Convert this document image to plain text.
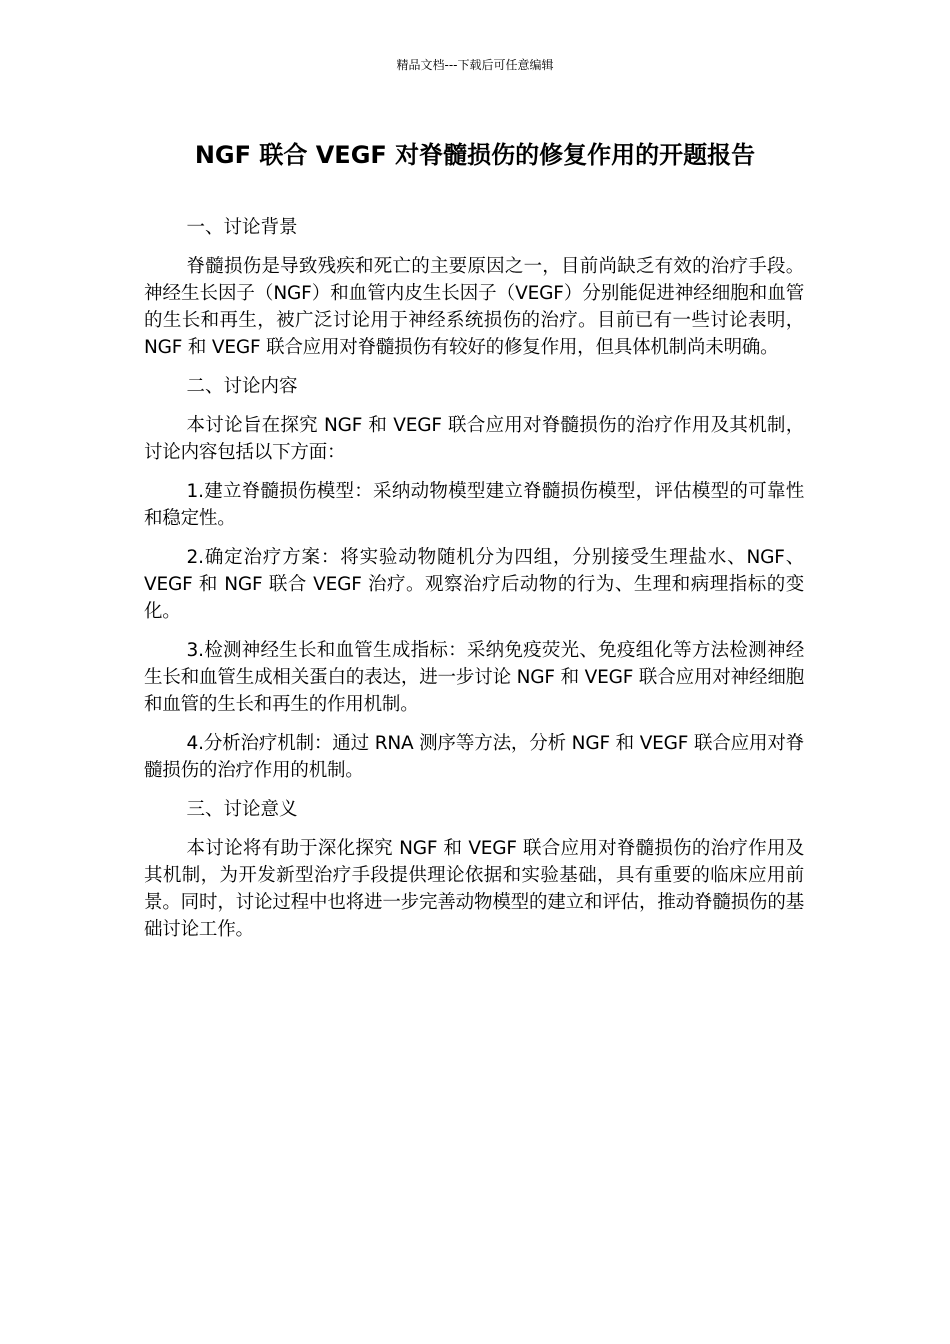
精品文档---下载后可任意编辑
NGF 联合 VEGF 对脊髓损伤的修复作用的开题报告

一、讨论背景

脊髓损伤是导致残疾和死亡的主要原因之一，目前尚缺乏有效的治疗手段。神经生长因子（NGF）和血管内皮生长因子（VEGF）分别能促进神经细胞和血管的生长和再生，被广泛讨论用于神经系统损伤的治疗。目前已有一些讨论表明，NGF 和 VEGF 联合应用对脊髓损伤有较好的修复作用，但具体机制尚未明确。

二、讨论内容

本讨论旨在探究 NGF 和 VEGF 联合应用对脊髓损伤的治疗作用及其机制，讨论内容包括以下方面：

1.建立脊髓损伤模型：采纳动物模型建立脊髓损伤模型，评估模型的可靠性和稳定性。

2.确定治疗方案：将实验动物随机分为四组，分别接受生理盐水、NGF、VEGF 和 NGF 联合 VEGF 治疗。观察治疗后动物的行为、生理和病理指标的变化。

3.检测神经生长和血管生成指标：采纳免疫荧光、免疫组化等方法检测神经生长和血管生成相关蛋白的表达，进一步讨论 NGF 和 VEGF 联合应用对神经细胞和血管的生长和再生的作用机制。

4.分析治疗机制：通过 RNA 测序等方法，分析 NGF 和 VEGF 联合应用对脊髓损伤的治疗作用的机制。

三、讨论意义

本讨论将有助于深化探究 NGF 和 VEGF 联合应用对脊髓损伤的治疗作用及其机制，为开发新型治疗手段提供理论依据和实验基础，具有重要的临床应用前景。同时，讨论过程中也将进一步完善动物模型的建立和评估，推动脊髓损伤的基础讨论工作。
